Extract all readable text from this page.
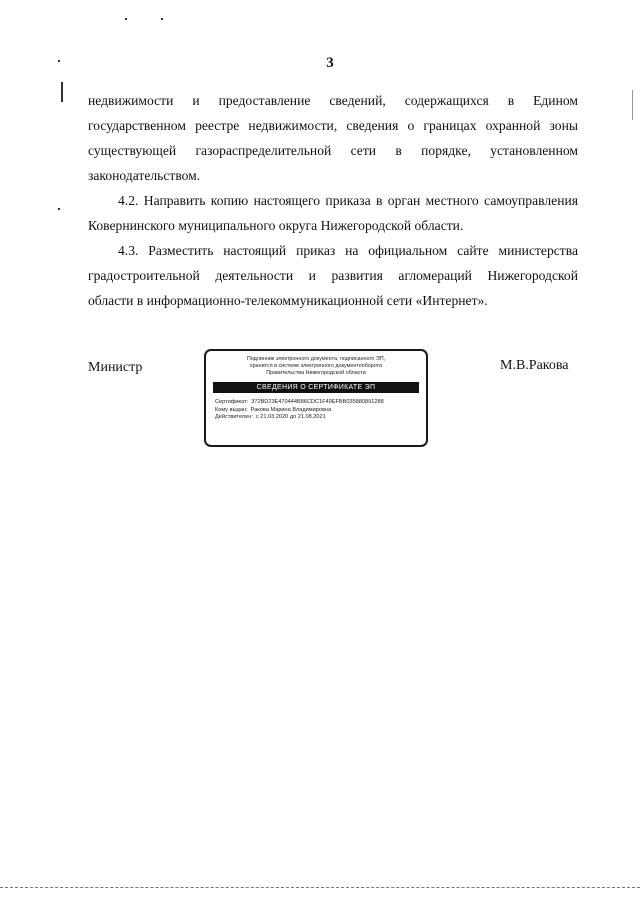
3

недвижимости и предоставление сведений, содержащихся в Едином

государственном реестре недвижимости, сведения о границах охранной зоны

существующей газораспределительной сети в порядке, установленном

законодательством.

4.2. Направить копию настоящего приказа в орган местного самоуправления

Ковернинского муниципального округа Нижегородской области.

4.3. Разместить настоящий приказ на официальном сайте министерства

градостроительной деятельности и развития агломераций Нижегородской

области в информационно-телекоммуникационной сети «Интернет».

Министр
Подлинник электронного документа, подписанного ЭП,
хранится в системе электронного документооборота
Правительства Нижегородской области
СВЕДЕНИЯ О СЕРТИФИКАТЕ ЭП
Сертификат: 372BD23E470444B86CDC1F49EFBB035880891288
Кому выдан: Ракова Марина Владимировна
Действителен: с 21.03.2020 до 21.08.2021
М.В.Ракова
